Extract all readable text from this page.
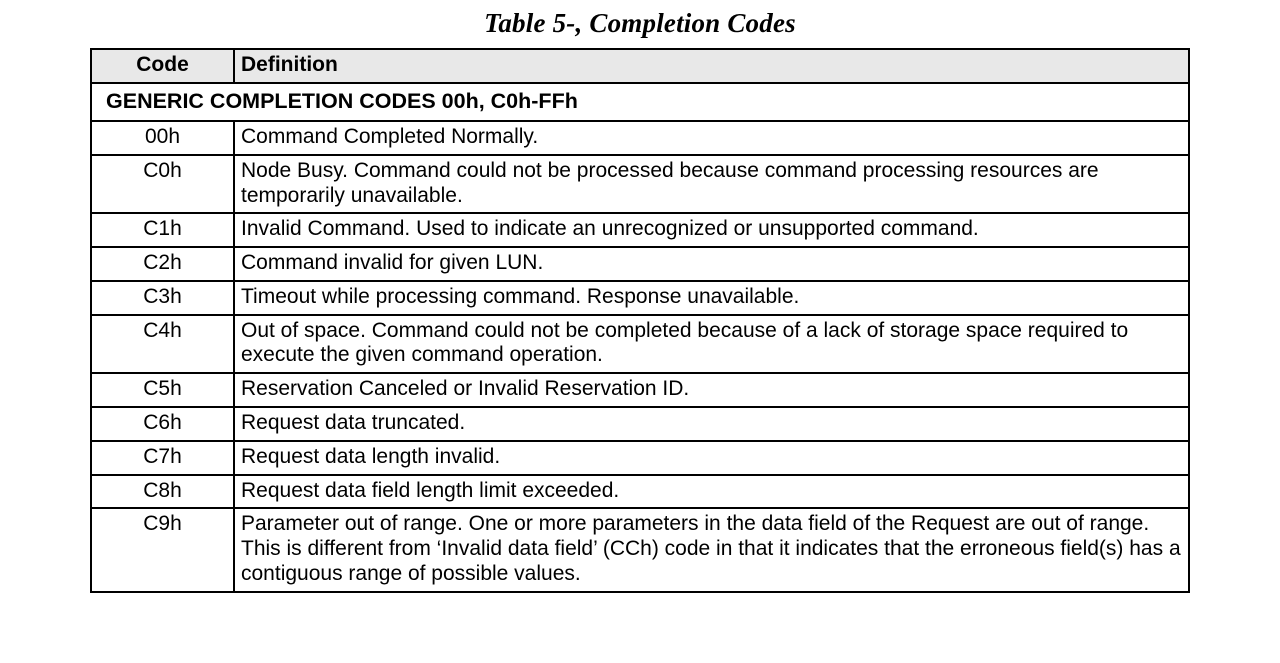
Table 5-, Completion Codes
Code	Definition
GENERIC COMPLETION CODES 00h, C0h-FFh	
00h	Command Completed Normally.
C0h	Node Busy. Command could not be processed because command processing resources are temporarily unavailable.
C1h	Invalid Command. Used to indicate an unrecognized or unsupported command.
C2h	Command invalid for given LUN.
C3h	Timeout while processing command. Response unavailable.
C4h	Out of space. Command could not be completed because of a lack of storage space required to execute the given command operation.
C5h	Reservation Canceled or Invalid Reservation ID.
C6h	Request data truncated.
C7h	Request data length invalid.
C8h	Request data field length limit exceeded.
C9h	Parameter out of range. One or more parameters in the data field of the Request are out of range. This is different from ‘Invalid data field’ (CCh) code in that it indicates that the erroneous field(s) has a contiguous range of possible values.
